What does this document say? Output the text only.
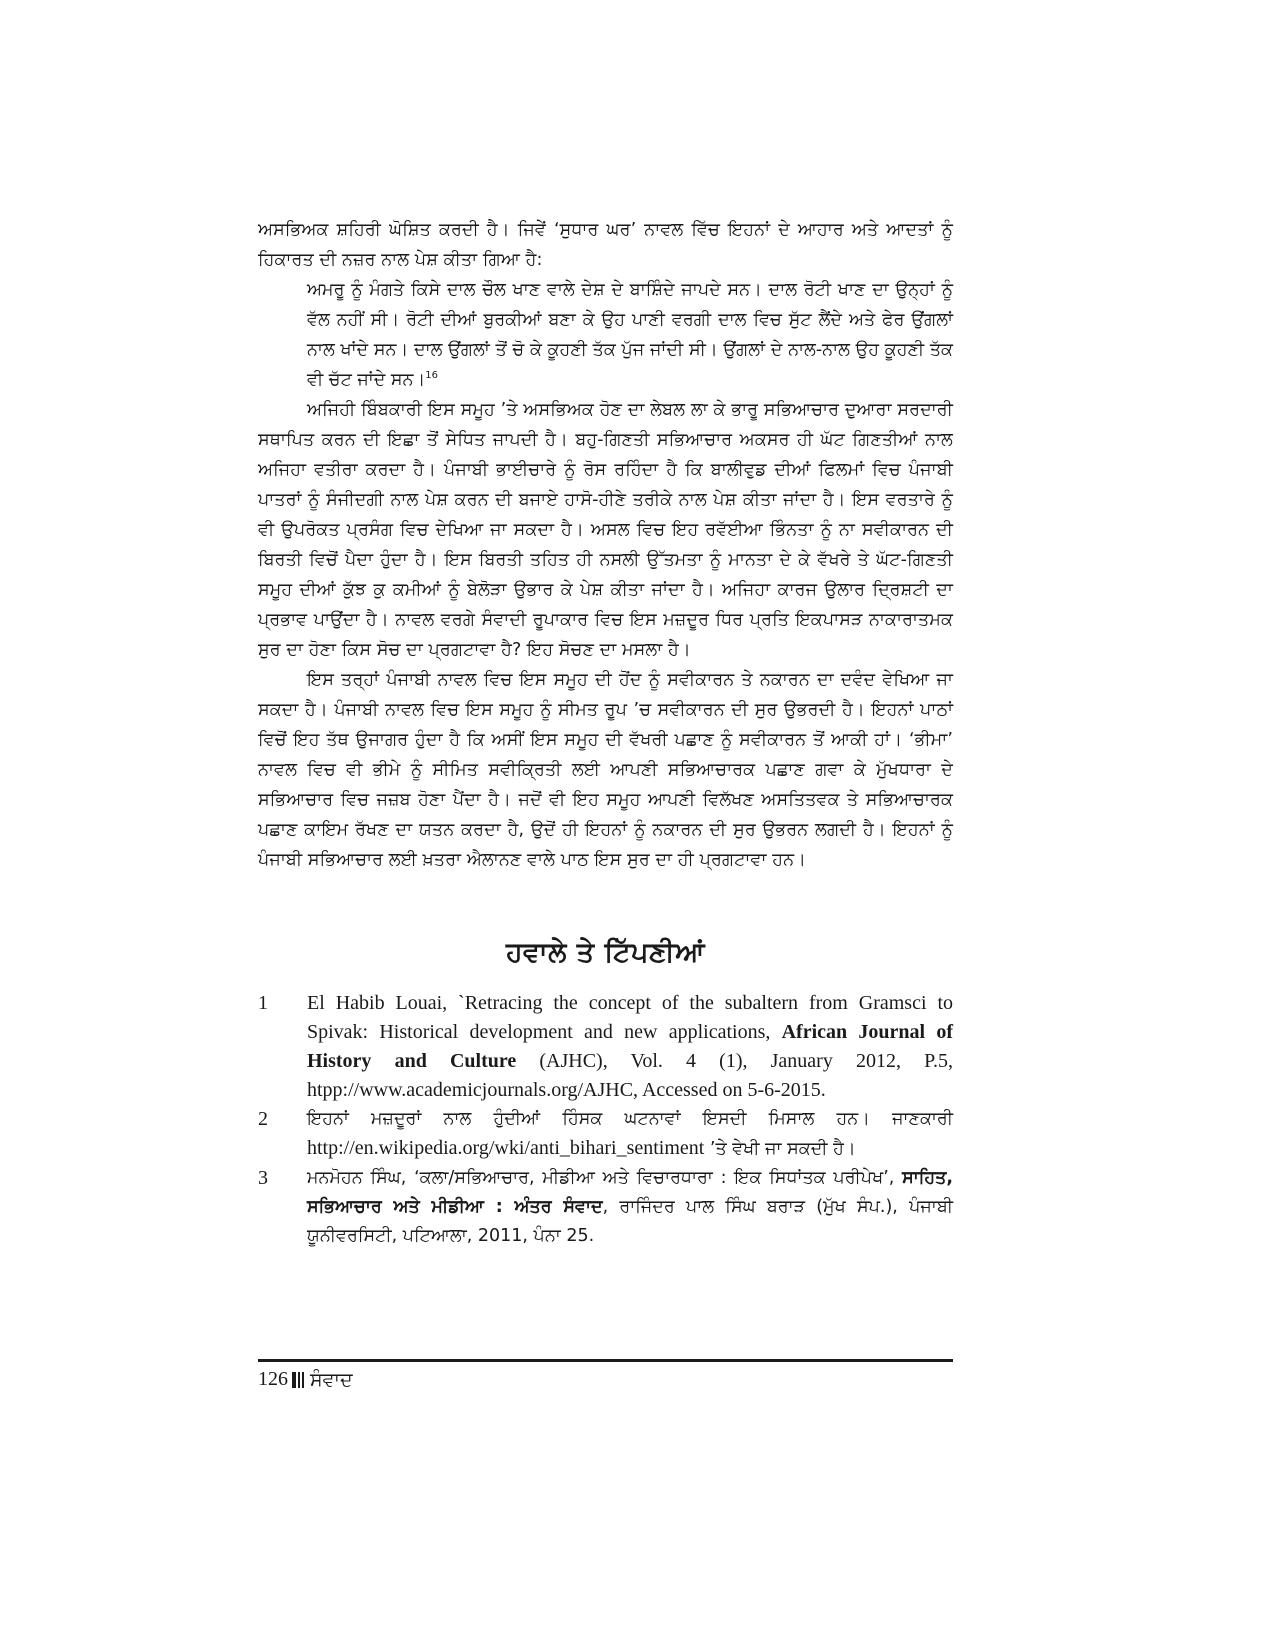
ਅਸਭਿਅਕ ਸ਼ਹਿਰੀ ਘੋਸ਼ਿਤ ਕਰਦੀ ਹੈ। ਜਿਵੇਂ ‘ਸੁਧਾਰ ਘਰ’ ਨਾਵਲ ਵਿੱਚ ਇਹਨਾਂ ਦੇ ਆਹਾਰ ਅਤੇ ਆਦਤਾਂ ਨੂੰ ਹਿਕਾਰਤ ਦੀ ਨਜ਼ਰ ਨਾਲ ਪੇਸ਼ ਕੀਤਾ ਗਿਆ ਹੈ:

ਅਮਰੂ ਨੂੰ ਮੰਗਤੇ ਕਿਸੇ ਦਾਲ ਚੌਲ ਖਾਣ ਵਾਲੇ ਦੇਸ਼ ਦੇ ਬਾਸ਼ਿੰਦੇ ਜਾਪਦੇ ਸਨ। ਦਾਲ ਰੋਟੀ ਖਾਣ ਦਾ ਉਨ੍ਹਾਂ ਨੂੰ ਵੱਲ ਨਹੀਂ ਸੀ। ਰੋਟੀ ਦੀਆਂ ਬੁਰਕੀਆਂ ਬਣਾ ਕੇ ਉਹ ਪਾਣੀ ਵਰਗੀ ਦਾਲ ਵਿਚ ਸੁੱਟ ਲੈਂਦੇ ਅਤੇ ਫੇਰ ਉਂਗਲਾਂ ਨਾਲ ਖਾਂਦੇ ਸਨ। ਦਾਲ ਉਂਗਲਾਂ ਤੋਂ ਚੋ ਕੇ ਕੂਹਣੀ ਤੱਕ ਪੁੱਜ ਜਾਂਦੀ ਸੀ। ਉਂਗਲਾਂ ਦੇ ਨਾਲ-ਨਾਲ ਉਹ ਕੂਹਣੀ ਤੱਕ ਵੀ ਚੱਟ ਜਾਂਦੇ ਸਨ।$^{16}$

ਅਜਿਹੀ ਬਿੰਬਕਾਰੀ ਇਸ ਸਮੂਹ ’ਤੇ ਅਸਭਿਅਕ ਹੋਣ ਦਾ ਲੇਬਲ ਲਾ ਕੇ ਭਾਰੂ ਸਭਿਆਚਾਰ ਦੁਆਰਾ ਸਰਦਾਰੀ ਸਥਾਪਿਤ ਕਰਨ ਦੀ ਇਛਾ ਤੋਂ ਸੇਧਿਤ ਜਾਪਦੀ ਹੈ। ਬਹੁ-ਗਿਣਤੀ ਸਭਿਆਚਾਰ ਅਕਸਰ ਹੀ ਘੱਟ ਗਿਣਤੀਆਂ ਨਾਲ ਅਜਿਹਾ ਵਤੀਰਾ ਕਰਦਾ ਹੈ। ਪੰਜਾਬੀ ਭਾਈਚਾਰੇ ਨੂੰ ਰੋਸ ਰਹਿੰਦਾ ਹੈ ਕਿ ਬਾਲੀਵੁਡ ਦੀਆਂ ਫਿਲਮਾਂ ਵਿਚ ਪੰਜਾਬੀ ਪਾਤਰਾਂ ਨੂੰ ਸੰਜੀਦਗੀ ਨਾਲ ਪੇਸ਼ ਕਰਨ ਦੀ ਬਜਾਏ ਹਾਸੋ-ਹੀਣੇ ਤਰੀਕੇ ਨਾਲ ਪੇਸ਼ ਕੀਤਾ ਜਾਂਦਾ ਹੈ। ਇਸ ਵਰਤਾਰੇ ਨੂੰ ਵੀ ਉਪਰੋਕਤ ਪ੍ਰਸੰਗ ਵਿਚ ਦੇਖਿਆ ਜਾ ਸਕਦਾ ਹੈ। ਅਸਲ ਵਿਚ ਇਹ ਰਵੱਈਆ ਭਿੰਨਤਾ ਨੂੰ ਨਾ ਸਵੀਕਾਰਨ ਦੀ ਬਿਰਤੀ ਵਿਚੋਂ ਪੈਦਾ ਹੁੰਦਾ ਹੈ। ਇਸ ਬਿਰਤੀ ਤਹਿਤ ਹੀ ਨਸਲੀ ਉੱਤਮਤਾ ਨੂੰ ਮਾਨਤਾ ਦੇ ਕੇ ਵੱਖਰੇ ਤੇ ਘੱਟ-ਗਿਣਤੀ ਸਮੂਹ ਦੀਆਂ ਕੁੱਝ ਕੁ ਕਮੀਆਂ ਨੂੰ ਬੇਲੋੜਾ ਉਭਾਰ ਕੇ ਪੇਸ਼ ਕੀਤਾ ਜਾਂਦਾ ਹੈ। ਅਜਿਹਾ ਕਾਰਜ ਉਲਾਰ ਦ੍ਰਿਸ਼ਟੀ ਦਾ ਪ੍ਰਭਾਵ ਪਾਉਂਦਾ ਹੈ। ਨਾਵਲ ਵਰਗੇ ਸੰਵਾਦੀ ਰੂਪਾਕਾਰ ਵਿਚ ਇਸ ਮਜ਼ਦੂਰ ਧਿਰ ਪ੍ਰਤਿ ਇਕਪਾਸੜ ਨਾਕਾਰਾਤਮਕ ਸੁਰ ਦਾ ਹੋਣਾ ਕਿਸ ਸੋਚ ਦਾ ਪ੍ਰਗਟਾਵਾ ਹੈ? ਇਹ ਸੋਚਣ ਦਾ ਮਸਲਾ ਹੈ।

ਇਸ ਤਰ੍ਹਾਂ ਪੰਜਾਬੀ ਨਾਵਲ ਵਿਚ ਇਸ ਸਮੂਹ ਦੀ ਹੋਂਦ ਨੂੰ ਸਵੀਕਾਰਨ ਤੇ ਨਕਾਰਨ ਦਾ ਦਵੰਦ ਵੇਖਿਆ ਜਾ ਸਕਦਾ ਹੈ। ਪੰਜਾਬੀ ਨਾਵਲ ਵਿਚ ਇਸ ਸਮੂਹ ਨੂੰ ਸੀਮਤ ਰੂਪ ’ਚ ਸਵੀਕਾਰਨ ਦੀ ਸੁਰ ਉਭਰਦੀ ਹੈ। ਇਹਨਾਂ ਪਾਠਾਂ ਵਿਚੋਂ ਇਹ ਤੱਥ ਉਜਾਗਰ ਹੁੰਦਾ ਹੈ ਕਿ ਅਸੀਂ ਇਸ ਸਮੂਹ ਦੀ ਵੱਖਰੀ ਪਛਾਣ ਨੂੰ ਸਵੀਕਾਰਨ ਤੋਂ ਆਕੀ ਹਾਂ। ‘ਭੀਮਾ’ ਨਾਵਲ ਵਿਚ ਵੀ ਭੀਮੇ ਨੂੰ ਸੀਮਿਤ ਸਵੀਕ੍ਰਿਤੀ ਲਈ ਆਪਣੀ ਸਭਿਆਚਾਰਕ ਪਛਾਣ ਗਵਾ ਕੇ ਮੁੱਖਧਾਰਾ ਦੇ ਸਭਿਆਚਾਰ ਵਿਚ ਜਜ਼ਬ ਹੋਣਾ ਪੈਂਦਾ ਹੈ। ਜਦੋਂ ਵੀ ਇਹ ਸਮੂਹ ਆਪਣੀ ਵਿਲੱਖਣ ਅਸਤਿਤਵਕ ਤੇ ਸਭਿਆਚਾਰਕ ਪਛਾਣ ਕਾਇਮ ਰੱਖਣ ਦਾ ਯਤਨ ਕਰਦਾ ਹੈ, ਉਦੋਂ ਹੀ ਇਹਨਾਂ ਨੂੰ ਨਕਾਰਨ ਦੀ ਸੁਰ ਉਭਰਨ ਲਗਦੀ ਹੈ। ਇਹਨਾਂ ਨੂੰ ਪੰਜਾਬੀ ਸਭਿਆਚਾਰ ਲਈ ਖ਼ਤਰਾ ਐਲਾਨਣ ਵਾਲੇ ਪਾਠ ਇਸ ਸੁਰ ਦਾ ਹੀ ਪ੍ਰਗਟਾਵਾ ਹਨ।

ਹਵਾਲੇ ਤੇ ਟਿੱਪਣੀਆਂ
1	El Habib Louai, `Retracing the concept of the subaltern from Gramsci to Spivak: Historical development and new applications, African Journal of History and Culture (AJHC), Vol. 4 (1), January 2012, P.5, htpp://www.academicjournals.org/AJHC, Accessed on 5-6-2015.
2	ਇਹਨਾਂ ਮਜ਼ਦੂਰਾਂ ਨਾਲ ਹੁੰਦੀਆਂ ਹਿੰਸਕ ਘਟਨਾਵਾਂ ਇਸਦੀ ਮਿਸਾਲ ਹਨ। ਜਾਣਕਾਰੀ http://en.wikipedia.org/wki/anti_bihari_sentiment ’ਤੇ ਵੇਖੀ ਜਾ ਸਕਦੀ ਹੈ।
3	ਮਨਮੋਹਨ ਸਿੰਘ, ‘ਕਲਾ/ਸਭਿਆਚਾਰ, ਮੀਡੀਆ ਅਤੇ ਵਿਚਾਰਧਾਰਾ : ਇਕ ਸਿਧਾਂਤਕ ਪਰੀਪੇਖ’, ਸਾਹਿਤ, ਸਭਿਆਚਾਰ ਅਤੇ ਮੀਡੀਆ : ਅੰਤਰ ਸੰਵਾਦ, ਰਾਜਿੰਦਰ ਪਾਲ ਸਿੰਘ ਬਰਾੜ (ਮੁੱਖ ਸੰਪ.), ਪੰਜਾਬੀ ਯੂਨੀਵਰਸਿਟੀ, ਪਟਿਆਲਾ, 2011, ਪੰਨਾ 25.
126 ਸੰਵਾਦ
